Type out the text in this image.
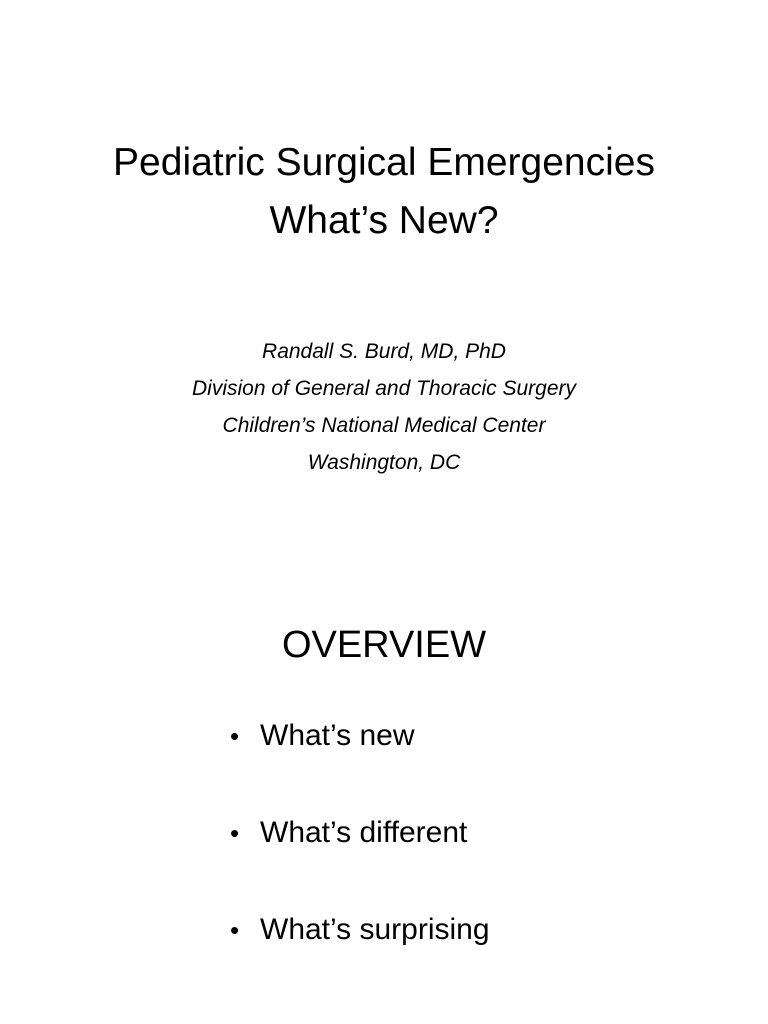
Pediatric Surgical Emergencies
What’s New?
Randall S. Burd, MD, PhD
Division of General and Thoracic Surgery
Children’s National Medical Center
Washington, DC
OVERVIEW
• What’s new
• What’s different
• What’s surprising
